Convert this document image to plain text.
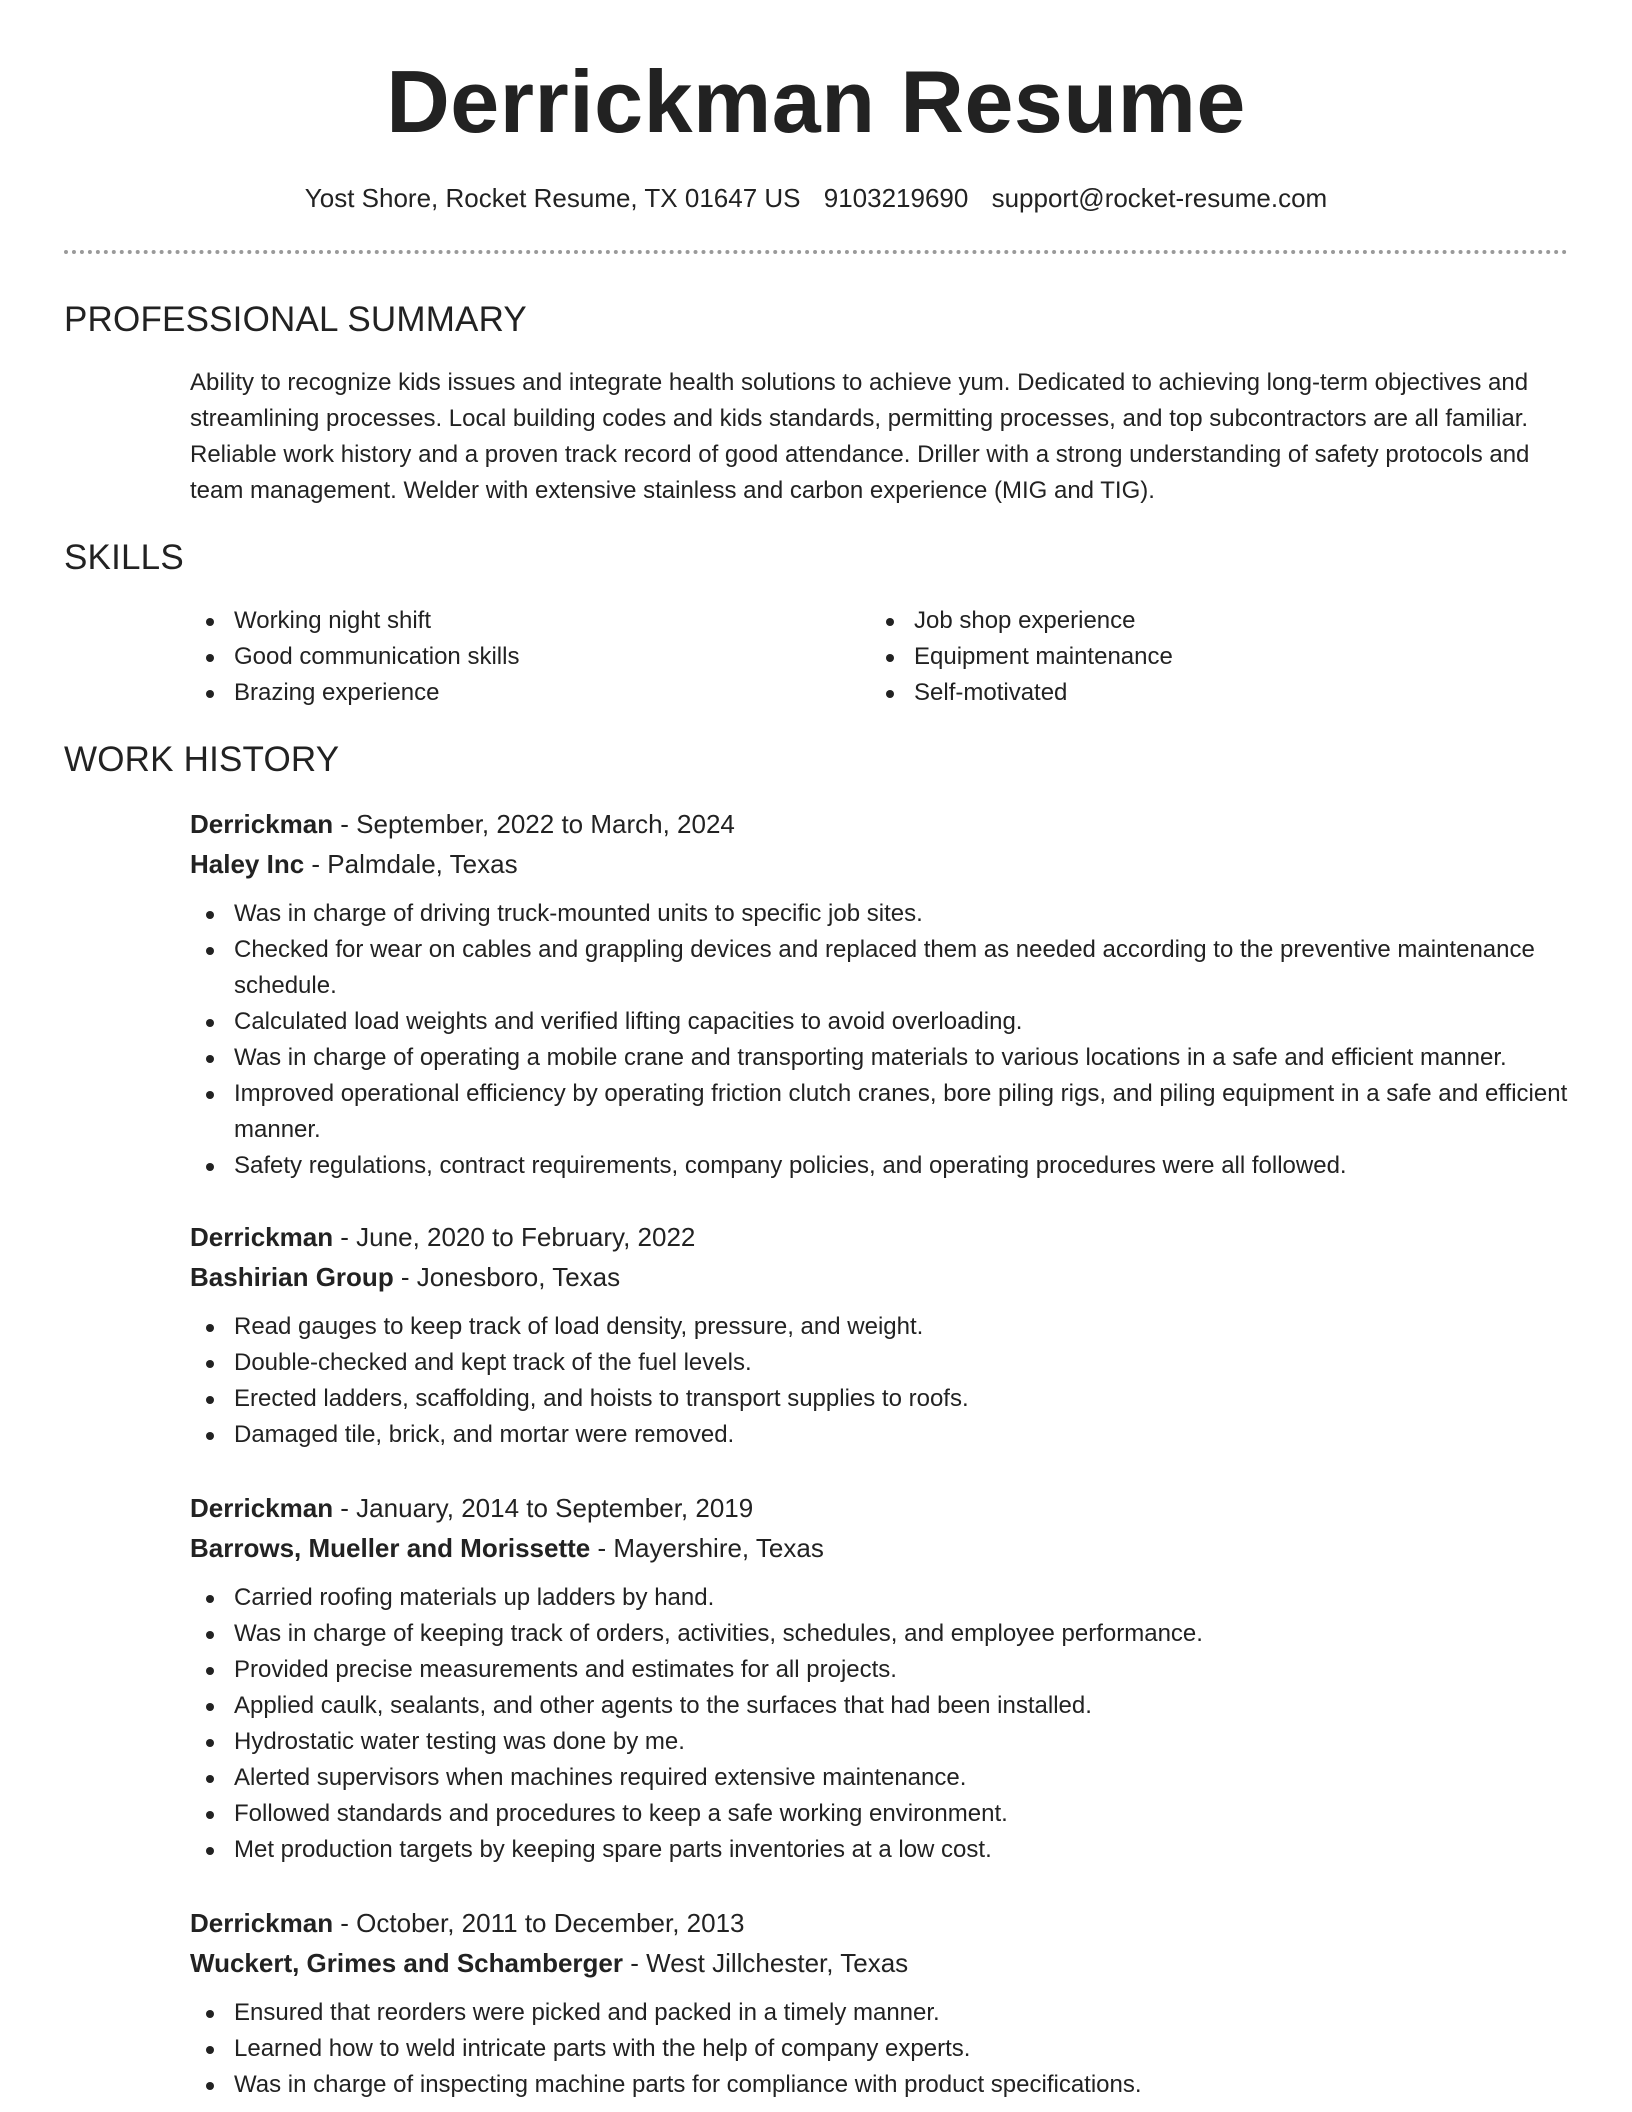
Derrickman Resume
Yost Shore, Rocket Resume, TX 01647 US 9103219690 support@rocket-resume.com
PROFESSIONAL SUMMARY
Ability to recognize kids issues and integrate health solutions to achieve yum. Dedicated to achieving long-term objectives and streamlining processes. Local building codes and kids standards, permitting processes, and top subcontractors are all familiar. Reliable work history and a proven track record of good attendance. Driller with a strong understanding of safety protocols and team management. Welder with extensive stainless and carbon experience (MIG and TIG).
SKILLS
Working night shift
Good communication skills
Brazing experience
Job shop experience
Equipment maintenance
Self-motivated
WORK HISTORY
Derrickman - September, 2022 to March, 2024
Haley Inc - Palmdale, Texas
Was in charge of driving truck-mounted units to specific job sites.
Checked for wear on cables and grappling devices and replaced them as needed according to the preventive maintenance schedule.
Calculated load weights and verified lifting capacities to avoid overloading.
Was in charge of operating a mobile crane and transporting materials to various locations in a safe and efficient manner.
Improved operational efficiency by operating friction clutch cranes, bore piling rigs, and piling equipment in a safe and efficient manner.
Safety regulations, contract requirements, company policies, and operating procedures were all followed.
Derrickman - June, 2020 to February, 2022
Bashirian Group - Jonesboro, Texas
Read gauges to keep track of load density, pressure, and weight.
Double-checked and kept track of the fuel levels.
Erected ladders, scaffolding, and hoists to transport supplies to roofs.
Damaged tile, brick, and mortar were removed.
Derrickman - January, 2014 to September, 2019
Barrows, Mueller and Morissette - Mayershire, Texas
Carried roofing materials up ladders by hand.
Was in charge of keeping track of orders, activities, schedules, and employee performance.
Provided precise measurements and estimates for all projects.
Applied caulk, sealants, and other agents to the surfaces that had been installed.
Hydrostatic water testing was done by me.
Alerted supervisors when machines required extensive maintenance.
Followed standards and procedures to keep a safe working environment.
Met production targets by keeping spare parts inventories at a low cost.
Derrickman - October, 2011 to December, 2013
Wuckert, Grimes and Schamberger - West Jillchester, Texas
Ensured that reorders were picked and packed in a timely manner.
Learned how to weld intricate parts with the help of company experts.
Was in charge of inspecting machine parts for compliance with product specifications.
